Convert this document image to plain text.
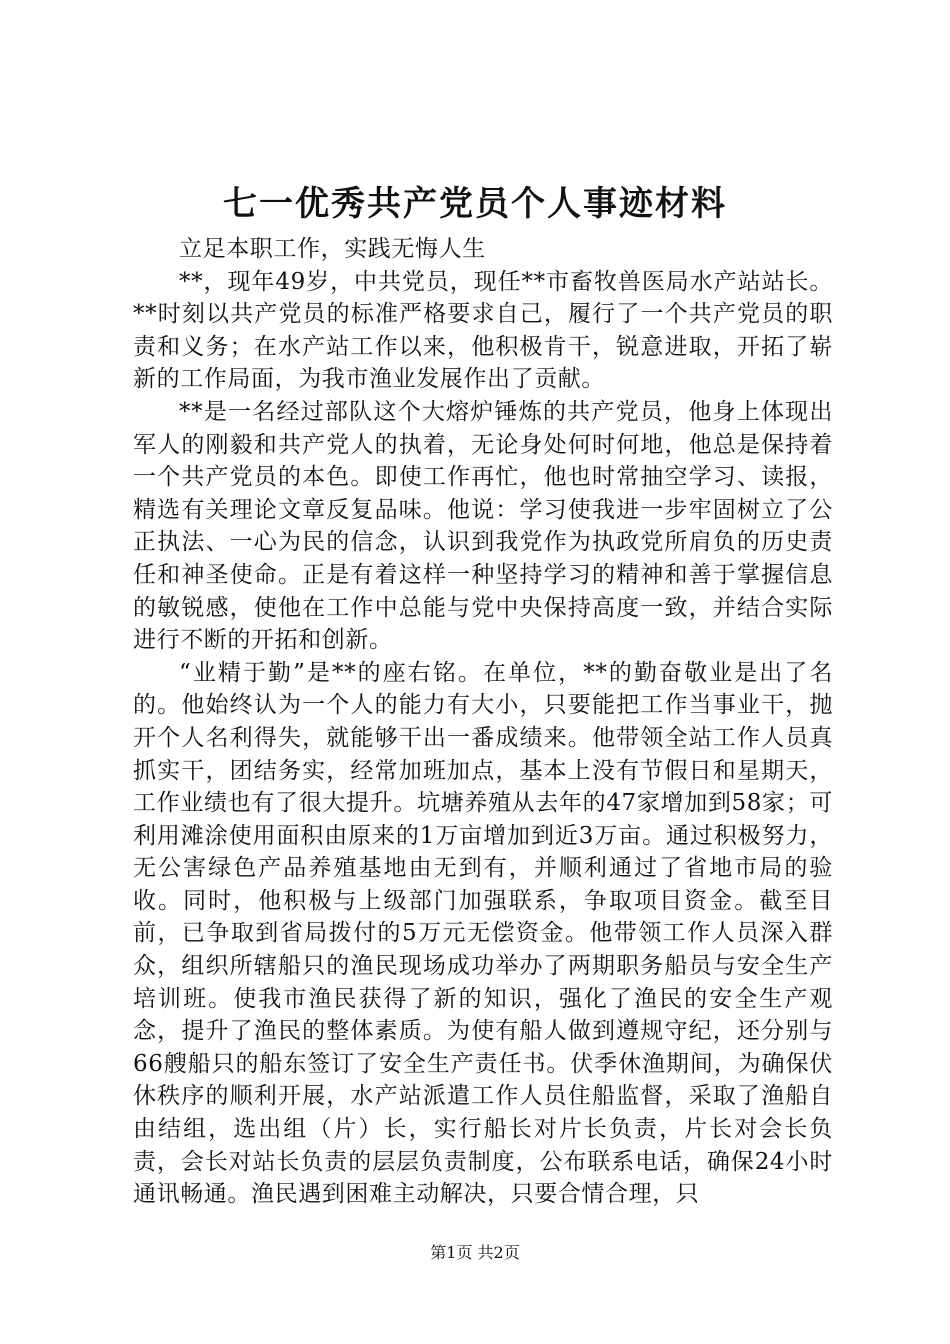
七一优秀共产党员个人事迹材料

立足本职工作，实践无悔人生

**，现年49岁，中共党员，现任**市畜牧兽医局水产站站长。**时刻以共产党员的标准严格要求自己，履行了一个共产党员的职责和义务；在水产站工作以来，他积极肯干，锐意进取，开拓了崭新的工作局面，为我市渔业发展作出了贡献。

**是一名经过部队这个大熔炉锤炼的共产党员，他身上体现出军人的刚毅和共产党人的执着，无论身处何时何地，他总是保持着一个共产党员的本色。即使工作再忙，他也时常抽空学习、读报，精选有关理论文章反复品味。他说：学习使我进一步牢固树立了公正执法、一心为民的信念，认识到我党作为执政党所肩负的历史责任和神圣使命。正是有着这样一种坚持学习的精神和善于掌握信息的敏锐感，使他在工作中总能与党中央保持高度一致，并结合实际进行不断的开拓和创新。

“业精于勤”是**的座右铭。在单位，**的勤奋敬业是出了名的。他始终认为一个人的能力有大小，只要能把工作当事业干，抛开个人名利得失，就能够干出一番成绩来。他带领全站工作人员真抓实干，团结务实，经常加班加点，基本上没有节假日和星期天，工作业绩也有了很大提升。坑塘养殖从去年的47家增加到58家；可利用滩涂使用面积由原来的1万亩增加到近3万亩。通过积极努力，无公害绿色产品养殖基地由无到有，并顺利通过了省地市局的验收。同时，他积极与上级部门加强联系，争取项目资金。截至目前，已争取到省局拨付的5万元无偿资金。他带领工作人员深入群众，组织所辖船只的渔民现场成功举办了两期职务船员与安全生产培训班。使我市渔民获得了新的知识，强化了渔民的安全生产观念，提升了渔民的整体素质。为使有船人做到遵规守纪，还分别与66艘船只的船东签订了安全生产责任书。伏季休渔期间，为确保伏休秩序的顺利开展，水产站派遣工作人员住船监督，采取了渔船自由结组，选出组（片）长，实行船长对片长负责，片长对会长负责，会长对站长负责的层层负责制度，公布联系电话，确保24小时通讯畅通。渔民遇到困难主动解决，只要合情合理，只

第1页 共2页
